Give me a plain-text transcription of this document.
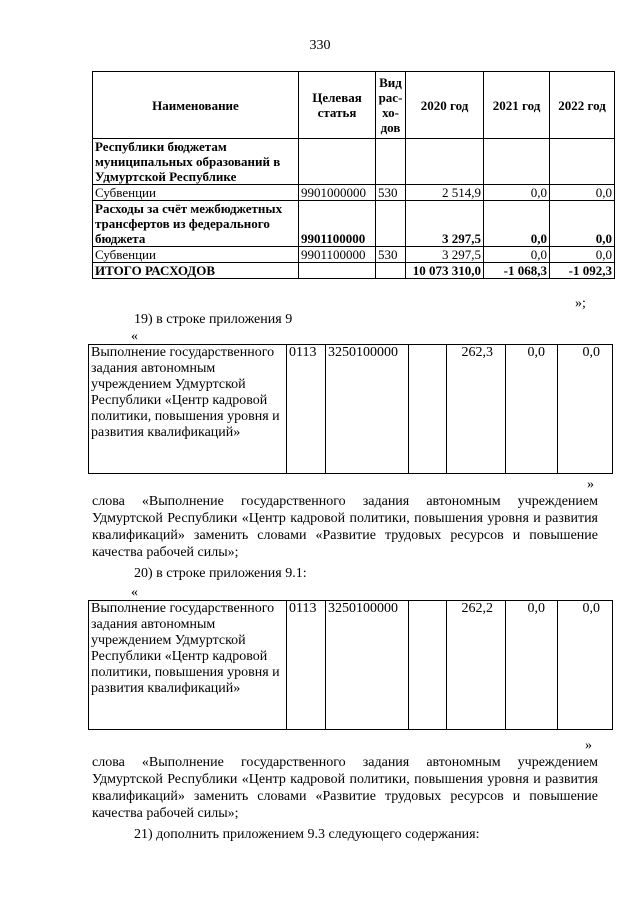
330
Наименование	Целевая статья	Вид рас-хо-дов	2020 год	2021 год	2022 год
Республики бюджетам муниципальных образований в Удмуртской Республике					
Субвенции	9901000000	530	2 514,9	0,0	0,0
Расходы за счёт межбюджетных трансфертов из федерального бюджета	9901100000		3 297,5	0,0	0,0
Субвенции	9901100000	530	3 297,5	0,0	0,0
ИТОГО РАСХОДОВ			10 073 310,0	-1 068,3	-1 092,3
»;

19) в строке приложения 9

«
Выполнение государственного задания автономным учреждением Удмуртской Республики «Центр кадровой политики, повышения уровня и развития квалификаций»	0113	3250100000		262,3	0,0	0,0
»

слова «Выполнение государственного задания автономным учреждением Удмуртской Республики «Центр кадровой политики, повышения уровня и развития квалификаций» заменить словами «Развитие трудовых ресурсов и повышение качества рабочей силы»;

20) в строке приложения 9.1:

«
Выполнение государственного задания автономным учреждением Удмуртской Республики «Центр кадровой политики, повышения уровня и развития квалификаций»	0113	3250100000		262,2	0,0	0,0
»

слова «Выполнение государственного задания автономным учреждением Удмуртской Республики «Центр кадровой политики, повышения уровня и развития квалификаций» заменить словами «Развитие трудовых ресурсов и повышение качества рабочей силы»;

21) дополнить приложением 9.3 следующего содержания:
